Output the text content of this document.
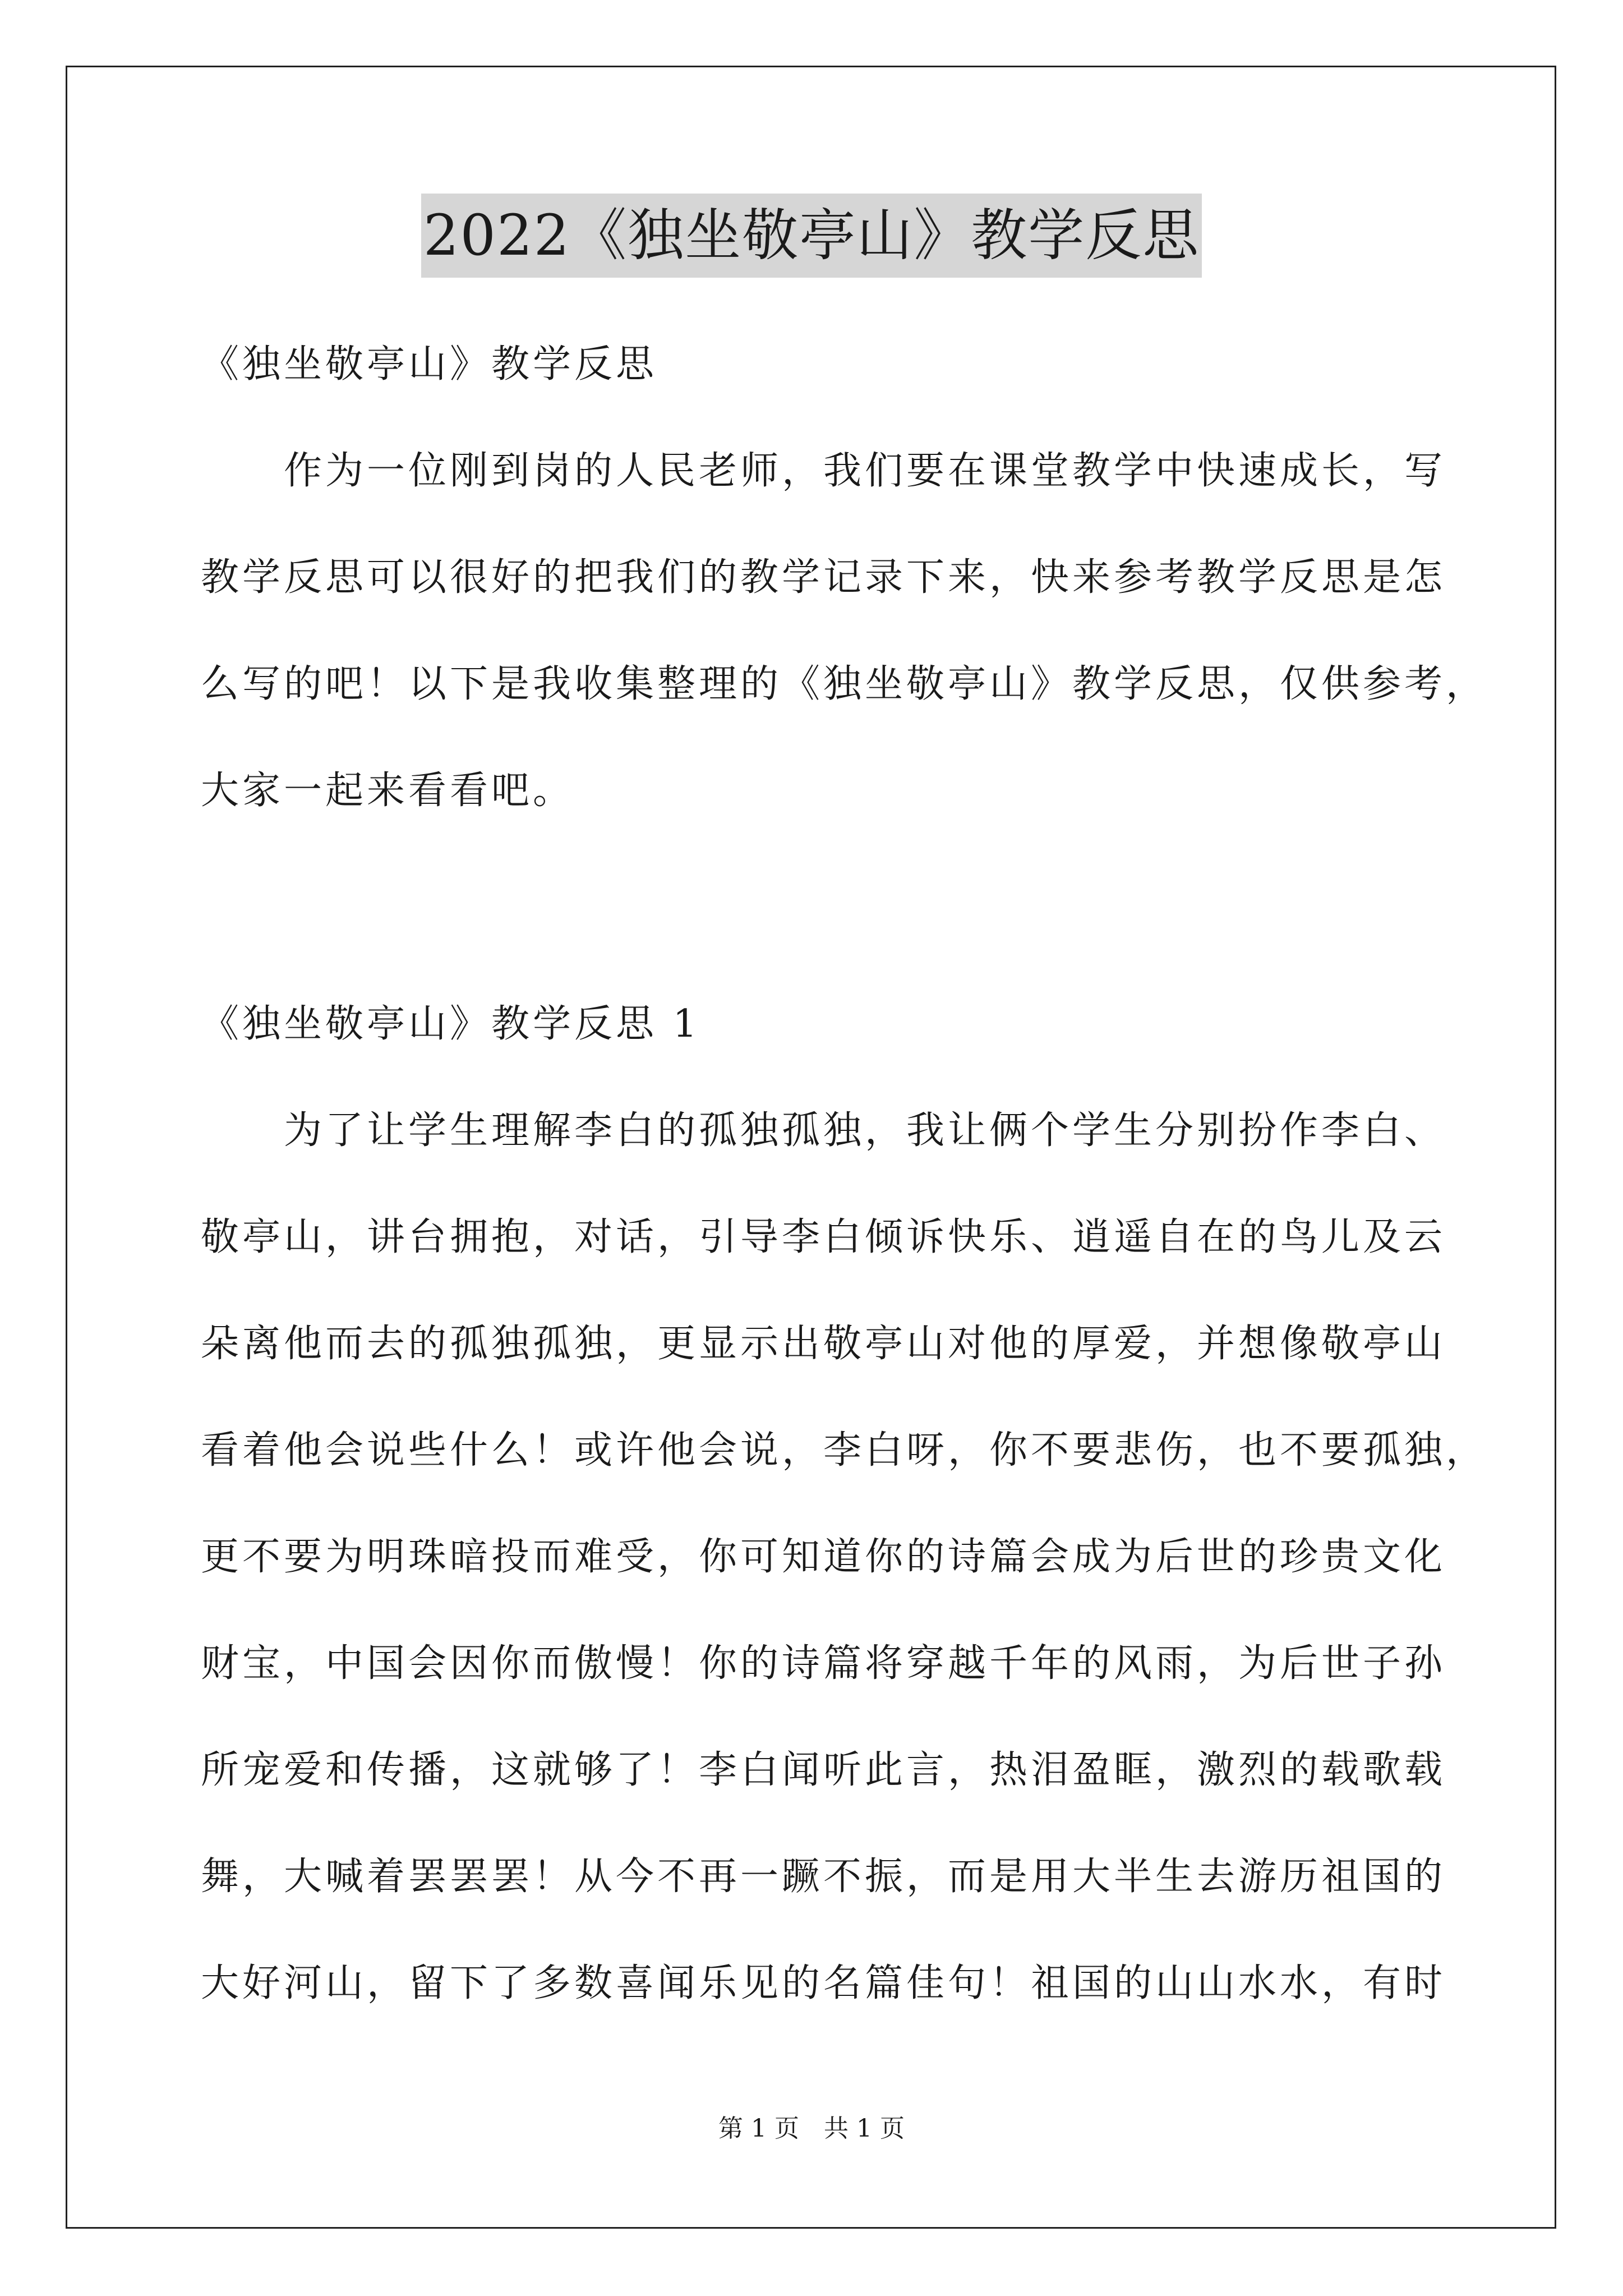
2022《独坐敬亭山》教学反思
《独坐敬亭山》教学反思
　　作为一位刚到岗的人民老师，我们要在课堂教学中快速成长，写
教学反思可以很好的把我们的教学记录下来，快来参考教学反思是怎
么写的吧！以下是我收集整理的《独坐敬亭山》教学反思，仅供参考，
大家一起来看看吧。
《独坐敬亭山》教学反思 1
　　为了让学生理解李白的孤独孤独，我让俩个学生分别扮作李白、
敬亭山，讲台拥抱，对话，引导李白倾诉快乐、逍遥自在的鸟儿及云
朵离他而去的孤独孤独，更显示出敬亭山对他的厚爱，并想像敬亭山
看着他会说些什么！或许他会说，李白呀，你不要悲伤，也不要孤独，
更不要为明珠暗投而难受，你可知道你的诗篇会成为后世的珍贵文化
财宝，中国会因你而傲慢！你的诗篇将穿越千年的风雨，为后世子孙
所宠爱和传播，这就够了！李白闻听此言，热泪盈眶，激烈的载歌载
舞，大喊着罢罢罢！从今不再一蹶不振，而是用大半生去游历祖国的
大好河山，留下了多数喜闻乐见的名篇佳句！祖国的山山水水，有时
第 1 页　共 1 页
